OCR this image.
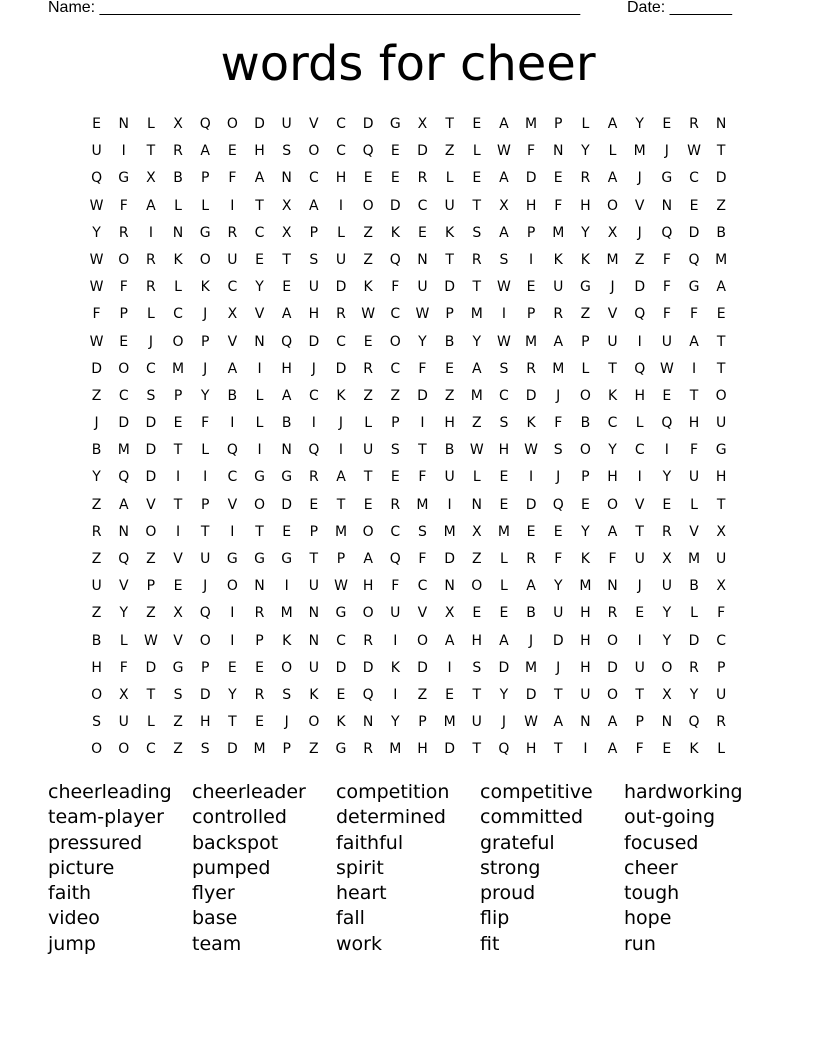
Name: ______________________________________________________	Date: _______
words for cheer
E	N	L	X	Q	O	D	U	V	C	D	G	X	T	E	A	M	P	L	A	Y	E	R	N
U	I	T	R	A	E	H	S	O	C	Q	E	D	Z	L	W	F	N	Y	L	M	J	W	T
Q	G	X	B	P	F	A	N	C	H	E	E	R	L	E	A	D	E	R	A	J	G	C	D
W	F	A	L	L	I	T	X	A	I	O	D	C	U	T	X	H	F	H	O	V	N	E	Z
Y	R	I	N	G	R	C	X	P	L	Z	K	E	K	S	A	P	M	Y	X	J	Q	D	B
W	O	R	K	O	U	E	T	S	U	Z	Q	N	T	R	S	I	K	K	M	Z	F	Q	M
W	F	R	L	K	C	Y	E	U	D	K	F	U	D	T	W	E	U	G	J	D	F	G	A
F	P	L	C	J	X	V	A	H	R	W	C	W	P	M	I	P	R	Z	V	Q	F	F	E
W	E	J	O	P	V	N	Q	D	C	E	O	Y	B	Y	W	M	A	P	U	I	U	A	T
D	O	C	M	J	A	I	H	J	D	R	C	F	E	A	S	R	M	L	T	Q	W	I	T
Z	C	S	P	Y	B	L	A	C	K	Z	Z	D	Z	M	C	D	J	O	K	H	E	T	O
J	D	D	E	F	I	L	B	I	J	L	P	I	H	Z	S	K	F	B	C	L	Q	H	U
B	M	D	T	L	Q	I	N	Q	I	U	S	T	B	W	H	W	S	O	Y	C	I	F	G
Y	Q	D	I	I	C	G	G	R	A	T	E	F	U	L	E	I	J	P	H	I	Y	U	H
Z	A	V	T	P	V	O	D	E	T	E	R	M	I	N	E	D	Q	E	O	V	E	L	T
R	N	O	I	T	I	T	E	P	M	O	C	S	M	X	M	E	E	Y	A	T	R	V	X
Z	Q	Z	V	U	G	G	G	T	P	A	Q	F	D	Z	L	R	F	K	F	U	X	M	U
U	V	P	E	J	O	N	I	U	W	H	F	C	N	O	L	A	Y	M	N	J	U	B	X
Z	Y	Z	X	Q	I	R	M	N	G	O	U	V	X	E	E	B	U	H	R	E	Y	L	F
B	L	W	V	O	I	P	K	N	C	R	I	O	A	H	A	J	D	H	O	I	Y	D	C
H	F	D	G	P	E	E	O	U	D	D	K	D	I	S	D	M	J	H	D	U	O	R	P
O	X	T	S	D	Y	R	S	K	E	Q	I	Z	E	T	Y	D	T	U	O	T	X	Y	U
S	U	L	Z	H	T	E	J	O	K	N	Y	P	M	U	J	W	A	N	A	P	N	Q	R
O	O	C	Z	S	D	M	P	Z	G	R	M	H	D	T	Q	H	T	I	A	F	E	K	L
cheerleading	cheerleader	competition	competitive	hardworking
team-player	controlled	determined	committed	out-going
pressured	backspot	faithful	grateful	focused
picture	pumped	spirit	strong	cheer
faith	flyer	heart	proud	tough
video	base	fall	flip	hope
jump	team	work	fit	run
